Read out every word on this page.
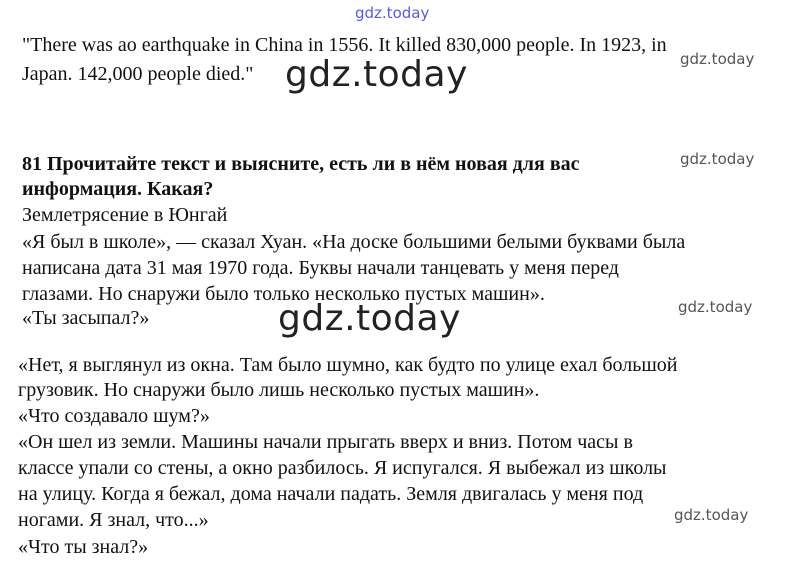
gdz.today
"There was ao earthquake in China in 1556. It killed 830,000 people. In 1923, in
Japan. 142,000 people died."
gdz.today
gdz.today
81 Прочитайте текст и выясните, есть ли в нём новая для вас
информация. Какая?
gdz.today
Землетрясение в Юнгай
«Я был в школе», — сказал Хуан. «На доске большими белыми буквами была
написана дата 31 мая 1970 года. Буквы начали танцевать у меня перед
глазами. Но снаружи было только несколько пустых машин».
«Ты засыпал?»	gdz.today
gdz.today
«Нет, я выглянул из окна. Там было шумно, как будто по улице ехал большой
грузовик. Но снаружи было лишь несколько пустых машин».
«Что создавало шум?»
«Он шел из земли. Машины начали прыгать вверх и вниз. Потом часы в
классе упали со стены, а окно разбилось. Я испугался. Я выбежал из школы
на улицу. Когда я бежал, дома начали падать. Земля двигалась у меня под
ногами. Я знал, что...»
«Что ты знал?»
gdz.today
